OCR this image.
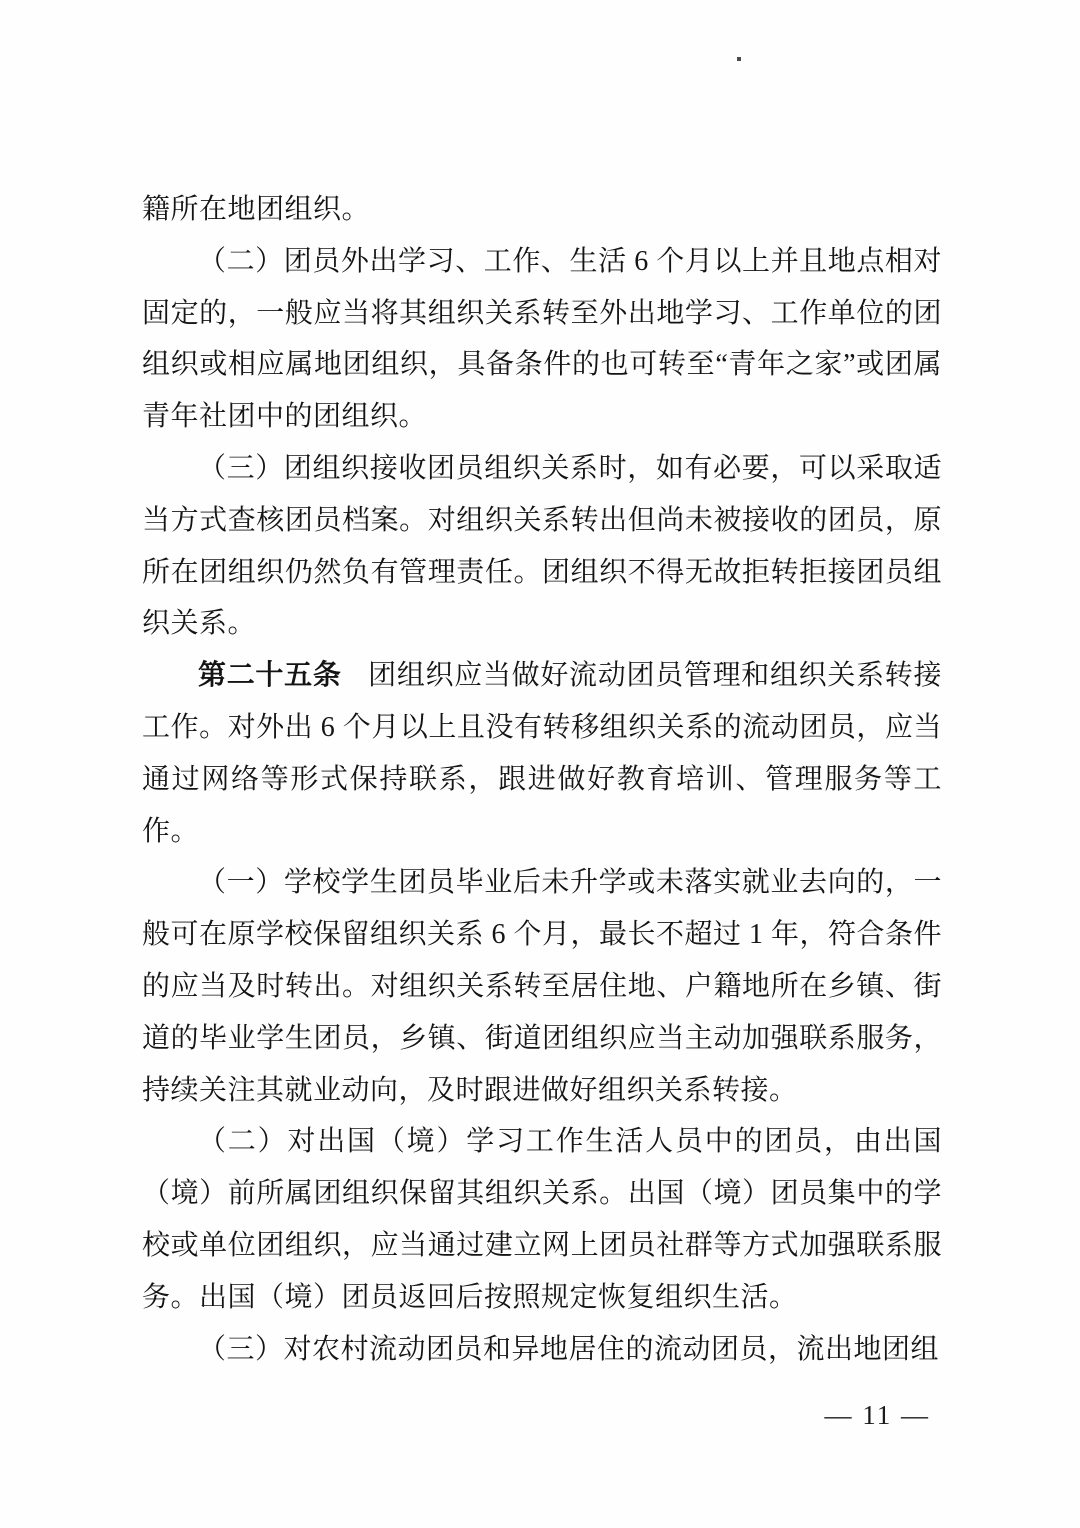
籍所在地团组织。

（二）团员外出学习、工作、生活 6 个月以上并且地点相对固定的，一般应当将其组织关系转至外出地学习、工作单位的团组织或相应属地团组织，具备条件的也可转至“青年之家”或团属青年社团中的团组织。

（三）团组织接收团员组织关系时，如有必要，可以采取适当方式查核团员档案。对组织关系转出但尚未被接收的团员，原所在团组织仍然负有管理责任。团组织不得无故拒转拒接团员组织关系。

第二十五条 团组织应当做好流动团员管理和组织关系转接工作。对外出 6 个月以上且没有转移组织关系的流动团员，应当通过网络等形式保持联系，跟进做好教育培训、管理服务等工作。

（一）学校学生团员毕业后未升学或未落实就业去向的，一般可在原学校保留组织关系 6 个月，最长不超过 1 年，符合条件的应当及时转出。对组织关系转至居住地、户籍地所在乡镇、街道的毕业学生团员，乡镇、街道团组织应当主动加强联系服务，持续关注其就业动向，及时跟进做好组织关系转接。

（二）对出国（境）学习工作生活人员中的团员，由出国（境）前所属团组织保留其组织关系。出国（境）团员集中的学校或单位团组织，应当通过建立网上团员社群等方式加强联系服务。出国（境）团员返回后按照规定恢复组织生活。

（三）对农村流动团员和异地居住的流动团员，流出地团组

— 11 —
